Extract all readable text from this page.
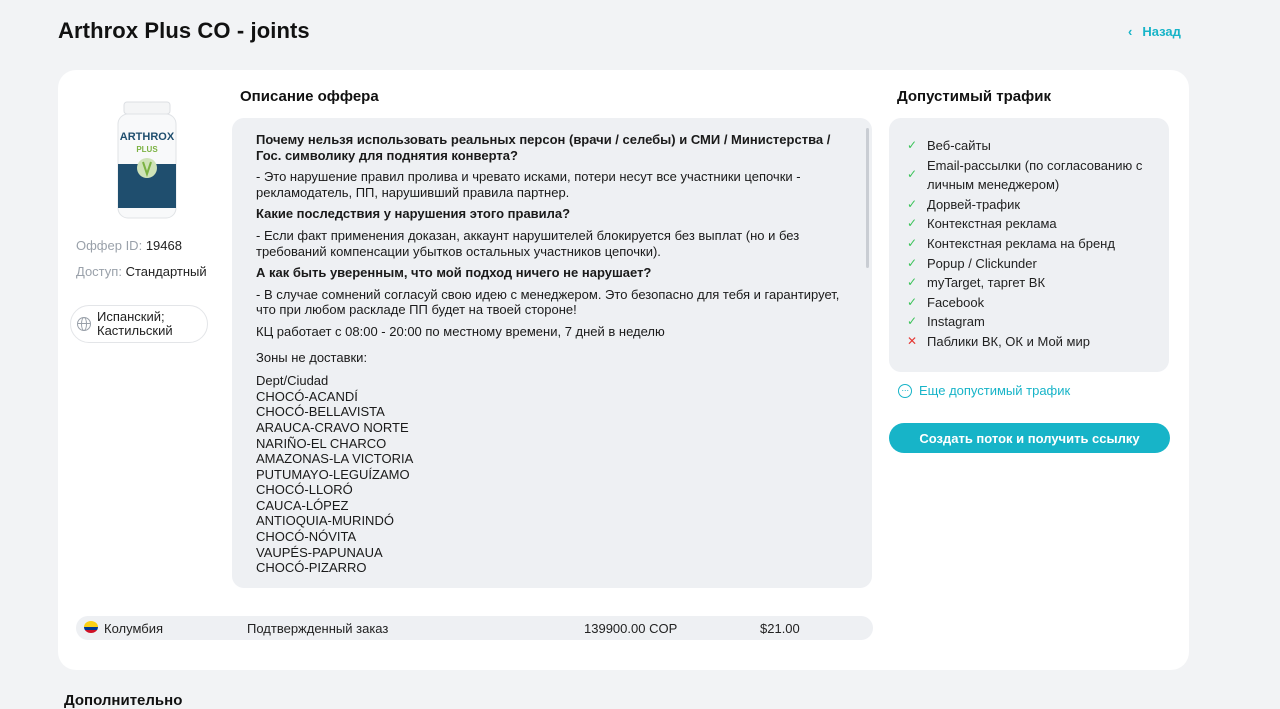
Arthrox Plus CO - joints	‹ Назад
ARTHROX
PLUS
Оффер ID: 19468
Доступ: Стандартный
Испанский; Кастильский
Описание оффера

Почему нельзя использовать реальных персон (врачи / селебы) и СМИ / Министерства / Гос. символику для поднятия конверта?

- Это нарушение правил пролива и чревато исками, потери несут все участники цепочки - рекламодатель, ПП, нарушивший правила партнер.

Какие последствия у нарушения этого правила?

- Если факт применения доказан, аккаунт нарушителей блокируется без выплат (но и без требований компенсации убытков остальных участников цепочки).

А как быть уверенным, что мой подход ничего не нарушает?

- В случае сомнений согласуй свою идею с менеджером. Это безопасно для тебя и гарантирует, что при любом раскладе ПП будет на твоей стороне!

КЦ работает с 08:00 - 20:00 по местному времени, 7 дней в неделю

Зоны не доставки:

Dept/Ciudad
CHOCÓ-ACANDÍ
CHOCÓ-BELLAVISTA
ARAUCA-CRAVO NORTE
NARIÑO-EL CHARCO
AMAZONAS-LA VICTORIA
PUTUMAYO-LEGUÍZAMO
CHOCÓ-LLORÓ
CAUCA-LÓPEZ
ANTIOQUIA-MURINDÓ
CHOCÓ-NÓVITA
VAUPÉS-PAPUNAUA
CHOCÓ-PIZARRO
Колумбия	Подтвержденный заказ	139900.00 COP	$21.00
Допустимый трафик
✓ Веб-сайты
✓
Email-рассылки (по согласованию с личным менеджером)
✓ Дорвей-трафик
✓ Контекстная реклама
✓ Контекстная реклама на бренд
✓ Popup / Clickunder
✓ myTarget, таргет ВК
✓ Facebook
✓ Instagram
✕ Паблики ВК, ОК и Мой мир
··· Еще допустимый трафик
Создать поток и получить ссылку
Дополнительно
